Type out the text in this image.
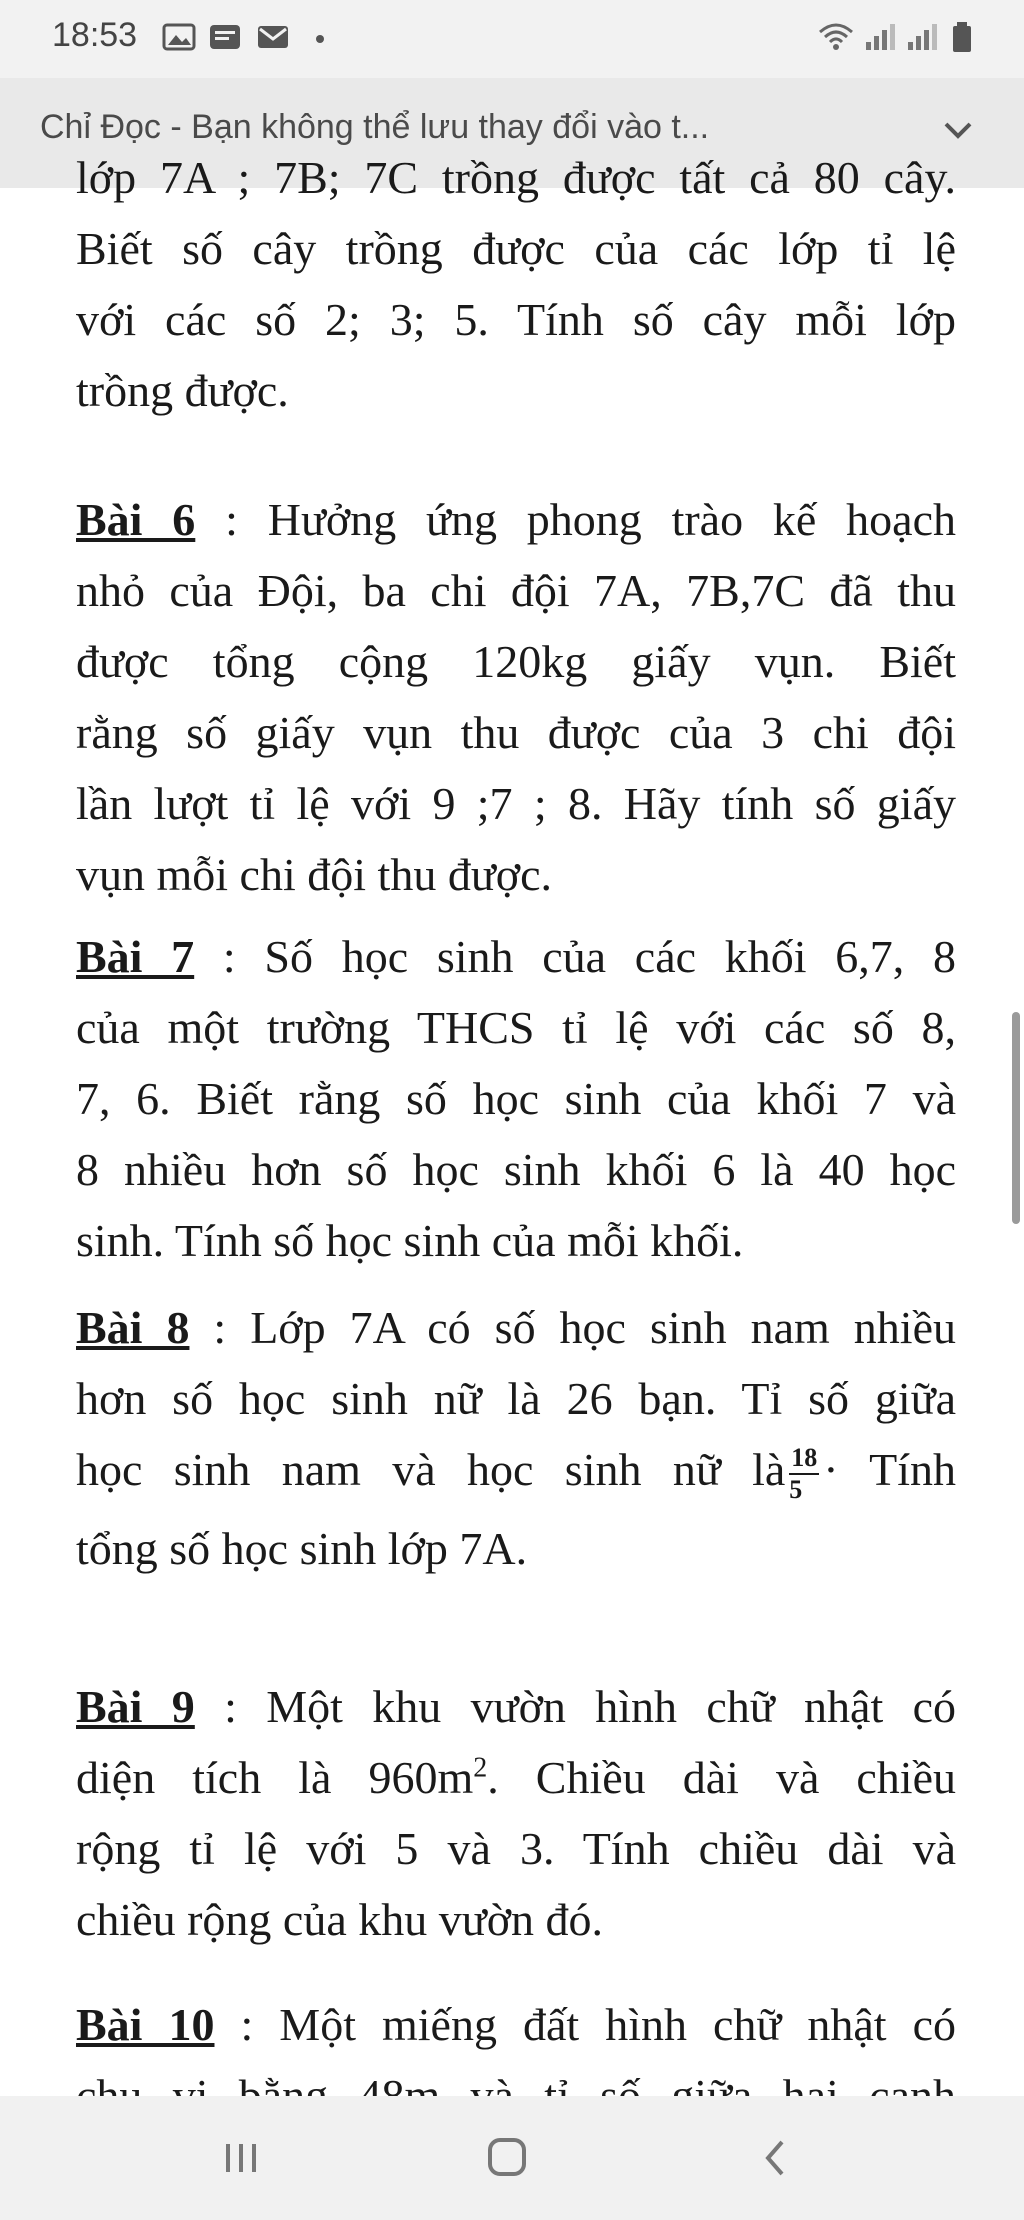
18:53
Chỉ Đọc - Bạn không thể lưu thay đổi vào t...
lớp 7A ; 7B; 7C trồng được tất cả 80 cây.
Biết số cây trồng được của các lớp tỉ lệ
với các số 2; 3; 5. Tính số cây mỗi lớp
trồng được.
Bài 6 : Hưởng ứng phong trào kế hoạch
nhỏ của Đội, ba chi đội 7A, 7B,7C đã thu
được tổng cộng 120kg giấy vụn. Biết
rằng số giấy vụn thu được của 3 chi đội
lần lượt tỉ lệ với 9 ;7 ; 8. Hãy tính số giấy
vụn mỗi chi đội thu được.
Bài 7 : Số học sinh của các khối 6,7, 8
của một trường THCS tỉ lệ với các số 8,
7, 6. Biết rằng số học sinh của khối 7 và
8 nhiều hơn số học sinh khối 6 là 40 học
sinh. Tính số học sinh của mỗi khối.
Bài 8 : Lớp 7A có số học sinh nam nhiều
hơn số học sinh nữ là 26 bạn. Tỉ số giữa
học sinh nam và học sinh nữ là $\frac{18}{5}$ · Tính
tổng số học sinh lớp 7A.
Bài 9 : Một khu vườn hình chữ nhật có
diện tích là $960m^2$. Chiều dài và chiều
rộng tỉ lệ với 5 và 3. Tính chiều dài và
chiều rộng của khu vườn đó.
Bài 10 : Một miếng đất hình chữ nhật có
